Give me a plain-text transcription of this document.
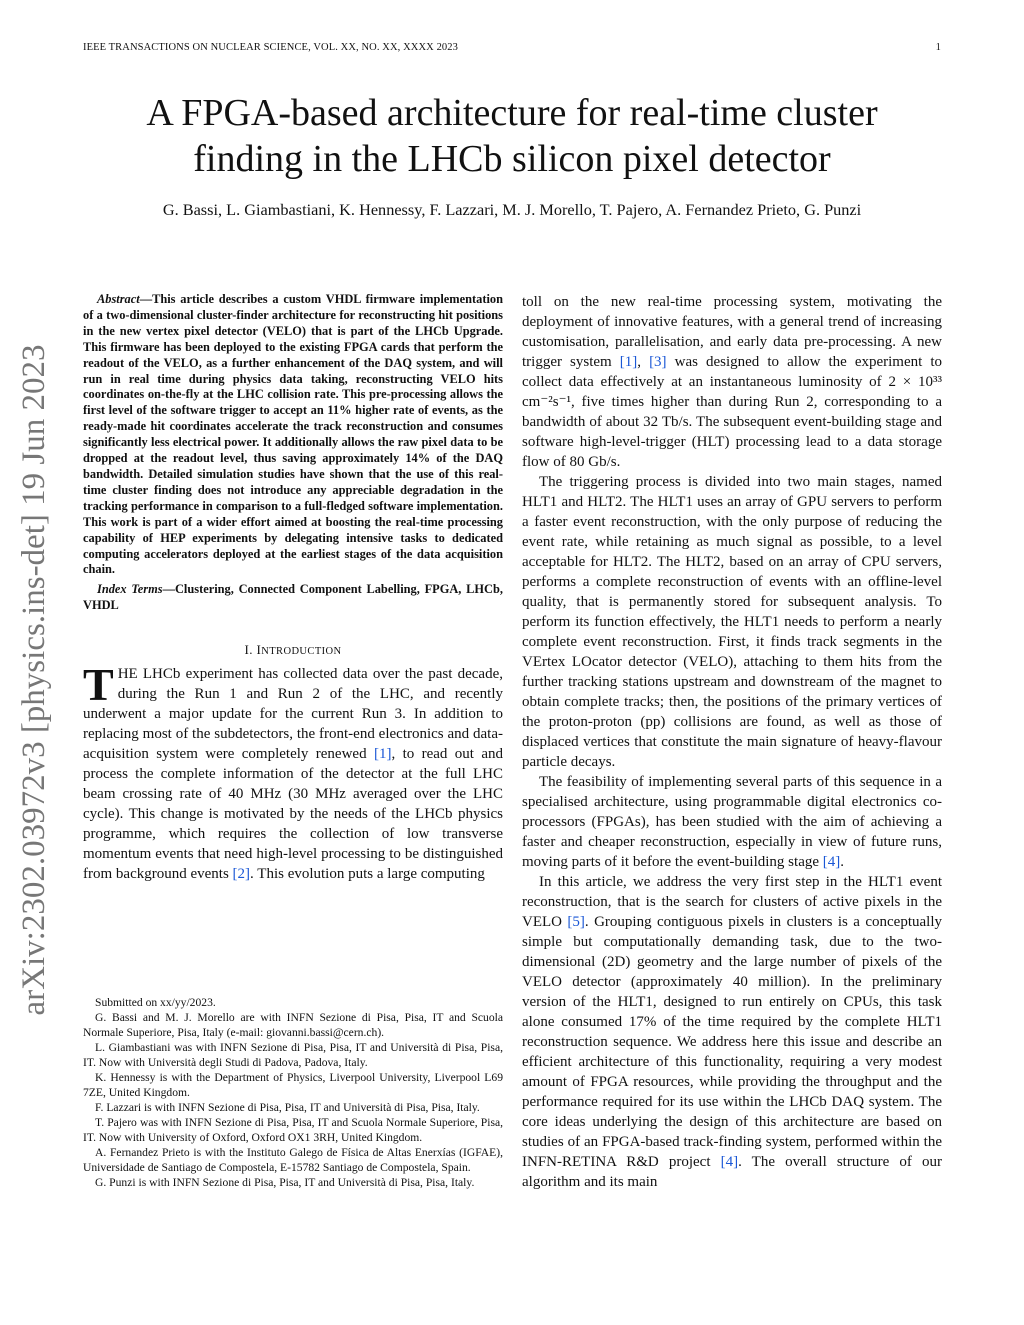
IEEE TRANSACTIONS ON NUCLEAR SCIENCE, VOL. XX, NO. XX, XXXX 2023	1
A FPGA-based architecture for real-time cluster
finding in the LHCb silicon pixel detector
G. Bassi, L. Giambastiani, K. Hennessy, F. Lazzari, M. J. Morello, T. Pajero, A. Fernandez Prieto, G. Punzi
arXiv:2302.03972v3 [physics.ins-det] 19 Jun 2023

Abstract—This article describes a custom VHDL firmware implementation of a two-dimensional cluster-finder architecture for reconstructing hit positions in the new vertex pixel detector (VELO) that is part of the LHCb Upgrade. This firmware has been deployed to the existing FPGA cards that perform the readout of the VELO, as a further enhancement of the DAQ system, and will run in real time during physics data taking, reconstructing VELO hits coordinates on-the-fly at the LHC collision rate. This pre-processing allows the first level of the software trigger to accept an 11% higher rate of events, as the ready-made hit coordinates accelerate the track reconstruction and consumes significantly less electrical power. It additionally allows the raw pixel data to be dropped at the readout level, thus saving approximately 14% of the DAQ bandwidth. Detailed simulation studies have shown that the use of this real-time cluster finding does not introduce any appreciable degradation in the tracking performance in comparison to a full-fledged software implementation. This work is part of a wider effort aimed at boosting the real-time processing capability of HEP experiments by delegating intensive tasks to dedicated computing accelerators deployed at the earliest stages of the data acquisition chain.

Index Terms—Clustering, Connected Component Labelling, FPGA, LHCb, VHDL

I. INTRODUCTION

THE LHCb experiment has collected data over the past decade, during the Run 1 and Run 2 of the LHC, and recently underwent a major update for the current Run 3. In addition to replacing most of the subdetectors, the front-end electronics and data-acquisition system were completely renewed [1], to read out and process the complete information of the detector at the full LHC beam crossing rate of 40 MHz (30 MHz averaged over the LHC cycle). This change is motivated by the needs of the LHCb physics programme, which requires the collection of low transverse momentum events that need high-level processing to be distinguished from background events [2]. This evolution puts a large computing

Submitted on xx/yy/2023.

G. Bassi and M. J. Morello are with INFN Sezione di Pisa, Pisa, IT and Scuola Normale Superiore, Pisa, Italy (e-mail: giovanni.bassi@cern.ch).

L. Giambastiani was with INFN Sezione di Pisa, Pisa, IT and Università di Pisa, Pisa, IT. Now with Università degli Studi di Padova, Padova, Italy.

K. Hennessy is with the Department of Physics, Liverpool University, Liverpool L69 7ZE, United Kingdom.

F. Lazzari is with INFN Sezione di Pisa, Pisa, IT and Università di Pisa, Pisa, Italy.

T. Pajero was with INFN Sezione di Pisa, Pisa, IT and Scuola Normale Superiore, Pisa, IT. Now with University of Oxford, Oxford OX1 3RH, United Kingdom.

A. Fernandez Prieto is with the Instituto Galego de Física de Altas Enerxías (IGFAE), Universidade de Santiago de Compostela, E-15782 Santiago de Compostela, Spain.

G. Punzi is with INFN Sezione di Pisa, Pisa, IT and Università di Pisa, Pisa, Italy.

toll on the new real-time processing system, motivating the deployment of innovative features, with a general trend of increasing customisation, parallelisation, and early data pre-processing. A new trigger system [1], [3] was designed to allow the experiment to collect data effectively at an instantaneous luminosity of 2 × 10³³ cm⁻²s⁻¹, five times higher than during Run 2, corresponding to a bandwidth of about 32 Tb/s. The subsequent event-building stage and software high-level-trigger (HLT) processing lead to a data storage flow of 80 Gb/s.

The triggering process is divided into two main stages, named HLT1 and HLT2. The HLT1 uses an array of GPU servers to perform a faster event reconstruction, with the only purpose of reducing the event rate, while retaining as much signal as possible, to a level acceptable for HLT2. The HLT2, based on an array of CPU servers, performs a complete reconstruction of events with an offline-level quality, that is permanently stored for subsequent analysis. To perform its function effectively, the HLT1 needs to perform a nearly complete event reconstruction. First, it finds track segments in the VErtex LOcator detector (VELO), attaching to them hits from the further tracking stations upstream and downstream of the magnet to obtain complete tracks; then, the positions of the primary vertices of the proton-proton (pp) collisions are found, as well as those of displaced vertices that constitute the main signature of heavy-flavour particle decays.

The feasibility of implementing several parts of this sequence in a specialised architecture, using programmable digital electronics co-processors (FPGAs), has been studied with the aim of achieving a faster and cheaper reconstruction, especially in view of future runs, moving parts of it before the event-building stage [4].

In this article, we address the very first step in the HLT1 event reconstruction, that is the search for clusters of active pixels in the VELO [5]. Grouping contiguous pixels in clusters is a conceptually simple but computationally demanding task, due to the two-dimensional (2D) geometry and the large number of pixels of the VELO detector (approximately 40 million). In the preliminary version of the HLT1, designed to run entirely on CPUs, this task alone consumed 17% of the time required by the complete HLT1 reconstruction sequence. We address here this issue and describe an efficient architecture of this functionality, requiring a very modest amount of FPGA resources, while providing the throughput and the performance required for its use within the LHCb DAQ system. The core ideas underlying the design of this architecture are based on studies of an FPGA-based track-finding system, performed within the INFN-RETINA R&D project [4]. The overall structure of our algorithm and its main
